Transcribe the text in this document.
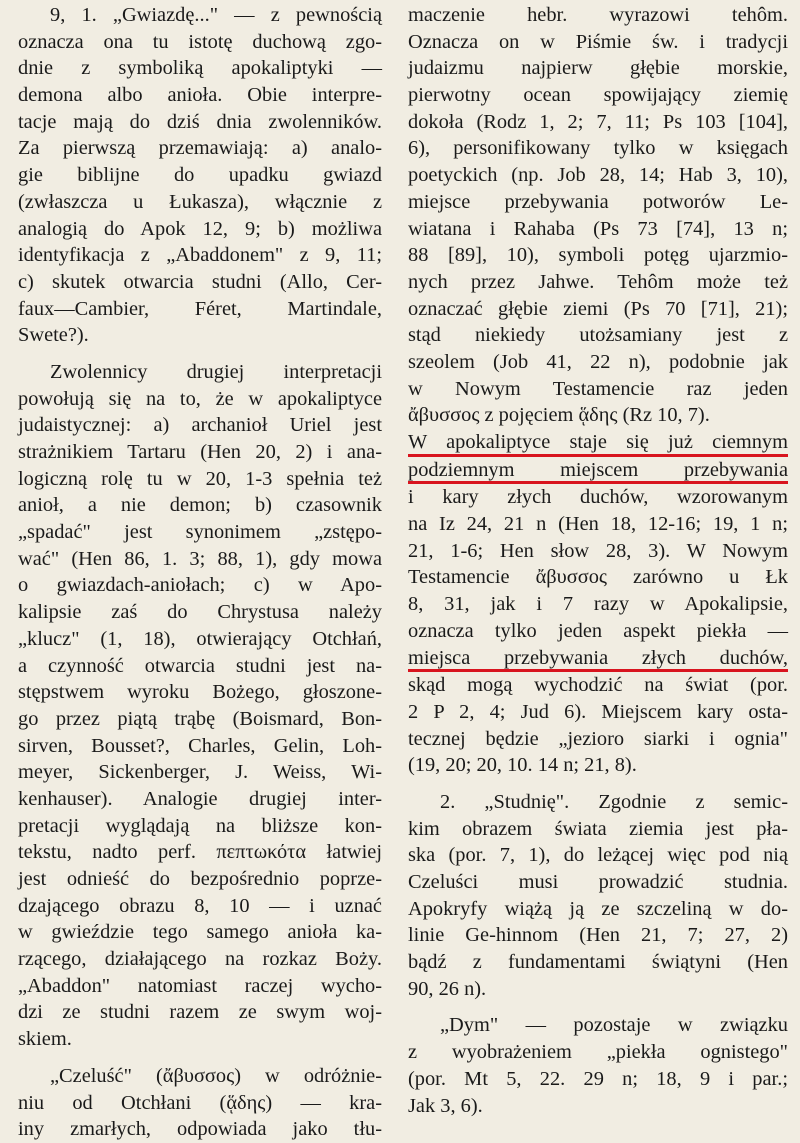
9, 1. „Gwiazdę..." — z pewnością
oznacza ona tu istotę duchową zgo-
dnie z symboliką apokaliptyki —
demona albo anioła. Obie interpre-
tacje mają do dziś dnia zwolenników.
Za pierwszą przemawiają: a) analo-
gie biblijne do upadku gwiazd
(zwłaszcza u Łukasza), włącznie z
analogią do Apok 12, 9; b) możliwa
identyfikacja z „Abaddonem" z 9, 11;
c) skutek otwarcia studni (Allo, Cer-
faux—Cambier, Féret, Martindale,
Swete?).
Zwolennicy drugiej interpretacji
powołują się na to, że w apokaliptyce
judaistycznej: a) archanioł Uriel jest
strażnikiem Tartaru (Hen 20, 2) i ana-
logiczną rolę tu w 20, 1-3 spełnia też
anioł, a nie demon; b) czasownik
„spadać" jest synonimem „zstępo-
wać" (Hen 86, 1. 3; 88, 1), gdy mowa
o gwiazdach-aniołach; c) w Apo-
kalipsie zaś do Chrystusa należy
„klucz" (1, 18), otwierający Otchłań,
a czynność otwarcia studni jest na-
stępstwem wyroku Bożego, głoszone-
go przez piątą trąbę (Boismard, Bon-
sirven, Bousset?, Charles, Gelin, Loh-
meyer, Sickenberger, J. Weiss, Wi-
kenhauser). Analogie drugiej inter-
pretacji wyglądają na bliższe kon-
tekstu, nadto perf. πεπτωκότα łatwiej
jest odnieść do bezpośrednio poprze-
dzającego obrazu 8, 10 — i uznać
w gwieździe tego samego anioła ka-
rzącego, działającego na rozkaz Boży.
„Abaddon" natomiast raczej wycho-
dzi ze studni razem ze swym woj-
skiem.
„Czeluść" (ἄβυσσος) w odróżnie-
niu od Otchłani (ᾅδης) — kra-
iny zmarłych, odpowiada jako tłu-
maczenie hebr. wyrazowi tehôm.
Oznacza on w Piśmie św. i tradycji
judaizmu najpierw głębie morskie,
pierwotny ocean spowijający ziemię
dokoła (Rodz 1, 2; 7, 11; Ps 103 [104],
6), personifikowany tylko w księgach
poetyckich (np. Job 28, 14; Hab 3, 10),
miejsce przebywania potworów Le-
wiatana i Rahaba (Ps 73 [74], 13 n;
88 [89], 10), symboli potęg ujarzmio-
nych przez Jahwe. Tehôm może też
oznaczać głębie ziemi (Ps 70 [71], 21);
stąd niekiedy utożsamiany jest z
szeolem (Job 41, 22 n), podobnie jak
w Nowym Testamencie raz jeden
ἄβυσσος z pojęciem ᾅδης (Rz 10, 7).
W apokaliptyce staje się już ciemnym
podziemnym miejscem przebywania
i kary złych duchów, wzorowanym
na Iz 24, 21 n (Hen 18, 12-16; 19, 1 n;
21, 1-6; Hen słow 28, 3). W Nowym
Testamencie ἄβυσσος zarówno u Łk
8, 31, jak i 7 razy w Apokalipsie,
oznacza tylko jeden aspekt piekła —
miejsca przebywania złych duchów,
skąd mogą wychodzić na świat (por.
2 P 2, 4; Jud 6). Miejscem kary osta-
tecznej będzie „jezioro siarki i ognia"
(19, 20; 20, 10. 14 n; 21, 8).
2. „Studnię". Zgodnie z semic-
kim obrazem świata ziemia jest pła-
ska (por. 7, 1), do leżącej więc pod nią
Czeluści musi prowadzić studnia.
Apokryfy wiążą ją ze szczeliną w do-
linie Ge-hinnom (Hen 21, 7; 27, 2)
bądź z fundamentami świątyni (Hen
90, 26 n).
„Dym" — pozostaje w związku
z wyobrażeniem „piekła ognistego"
(por. Mt 5, 22. 29 n; 18, 9 i par.;
Jak 3, 6).
